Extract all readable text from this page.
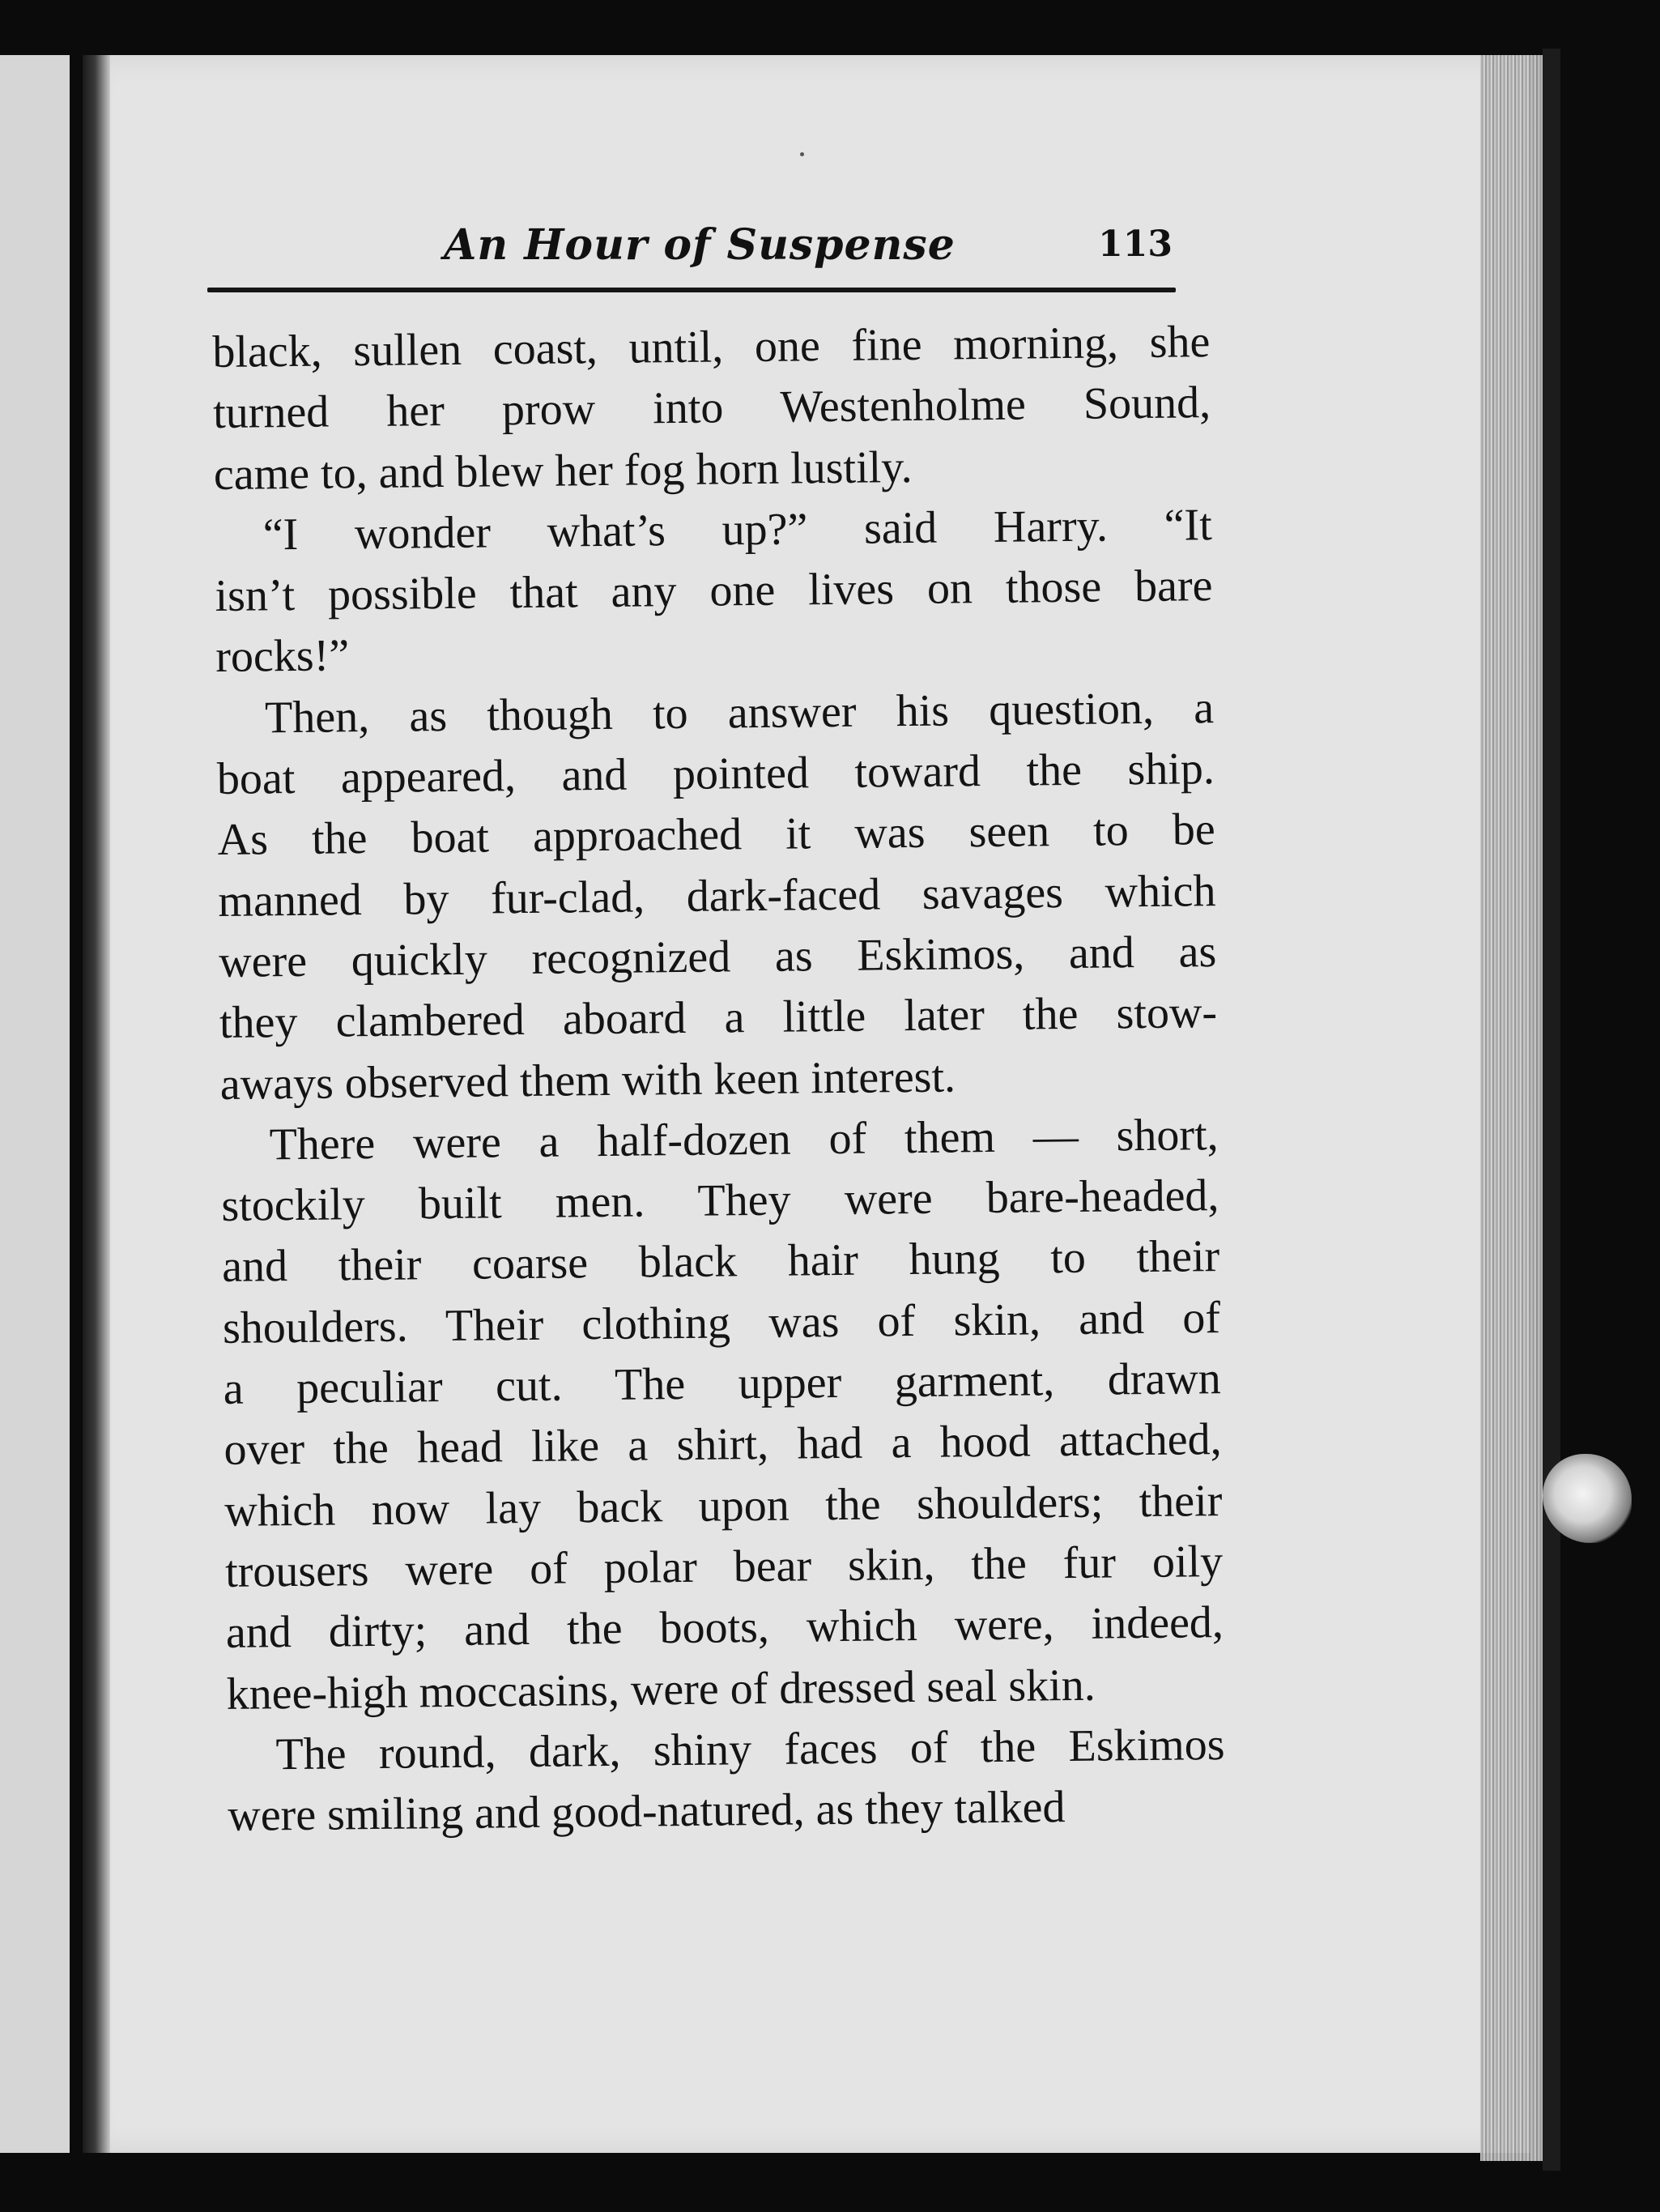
An Hour of Suspense	113
black, sullen coast, until, one fine morning, she
turned her prow into Westenholme Sound,
came to, and blew her fog horn lustily.
“I wonder what’s up?” said Harry. “It
isn’t possible that any one lives on those bare
rocks!”
Then, as though to answer his question, a
boat appeared, and pointed toward the ship.
As the boat approached it was seen to be
manned by fur-clad, dark-faced savages which
were quickly recognized as Eskimos, and as
they clambered aboard a little later the stow-
aways observed them with keen interest.
There were a half-dozen of them — short,
stockily built men. They were bare-headed,
and their coarse black hair hung to their
shoulders. Their clothing was of skin, and of
a peculiar cut. The upper garment, drawn
over the head like a shirt, had a hood attached,
which now lay back upon the shoulders; their
trousers were of polar bear skin, the fur oily
and dirty; and the boots, which were, indeed,
knee-high moccasins, were of dressed seal skin.
The round, dark, shiny faces of the Eskimos
were smiling and good-natured, as they talked
